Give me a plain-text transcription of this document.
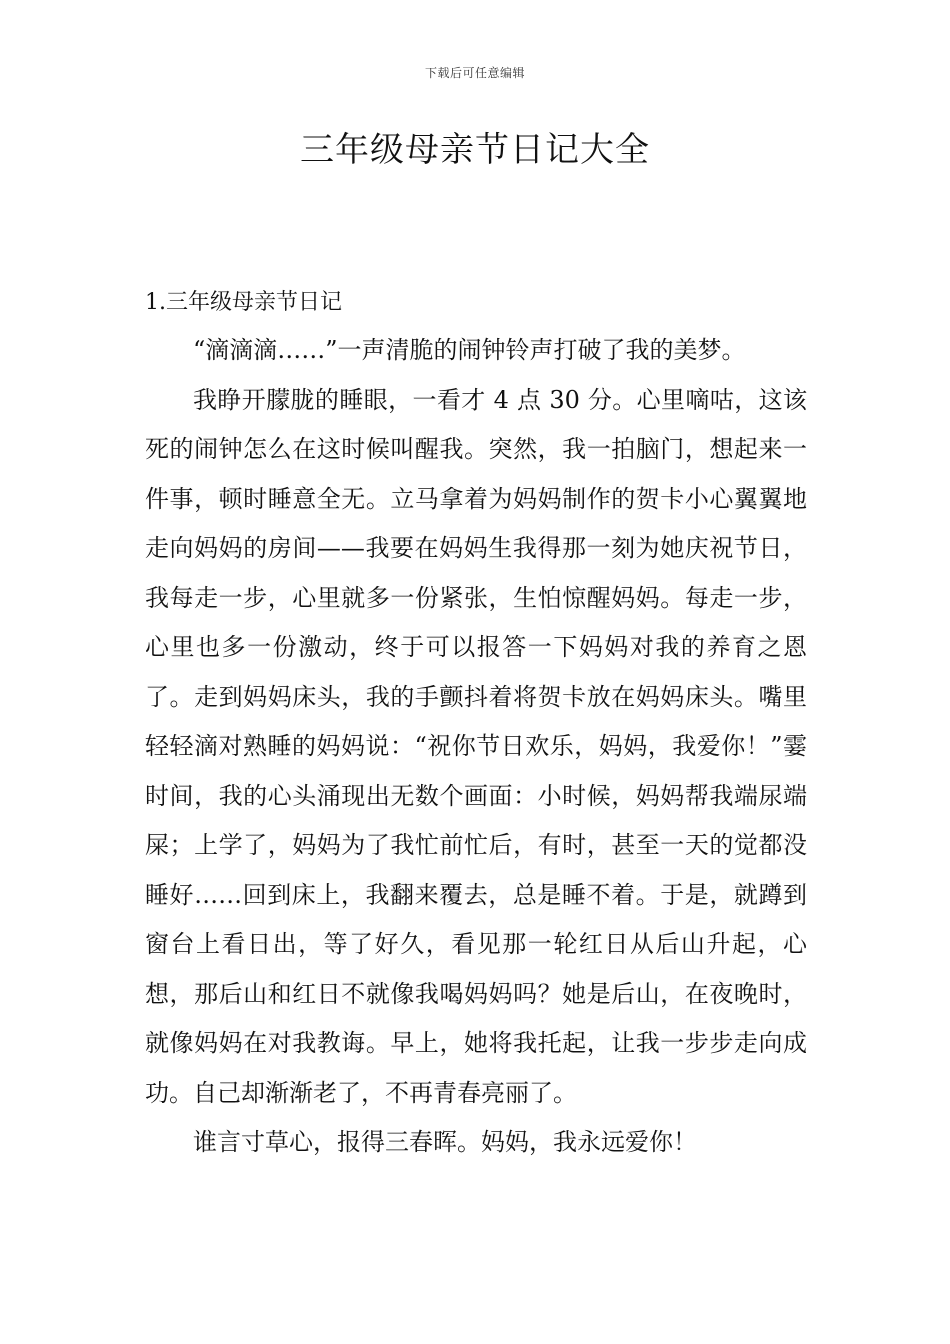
下载后可任意编辑
三年级母亲节日记大全
1.三年级母亲节日记

“滴滴滴……”一声清脆的闹钟铃声打破了我的美梦。

我睁开朦胧的睡眼，一看才 4 点 30 分。心里嘀咕，这该死的闹钟怎么在这时候叫醒我。突然，我一拍脑门，想起来一件事，顿时睡意全无。立马拿着为妈妈制作的贺卡小心翼翼地走向妈妈的房间——我要在妈妈生我得那一刻为她庆祝节日，我每走一步，心里就多一份紧张，生怕惊醒妈妈。每走一步，心里也多一份激动，终于可以报答一下妈妈对我的养育之恩了。走到妈妈床头，我的手颤抖着将贺卡放在妈妈床头。嘴里轻轻滴对熟睡的妈妈说：“祝你节日欢乐，妈妈，我爱你！”霎时间，我的心头涌现出无数个画面：小时候，妈妈帮我端尿端屎；上学了，妈妈为了我忙前忙后，有时，甚至一天的觉都没睡好……回到床上，我翻来覆去，总是睡不着。于是，就蹲到窗台上看日出，等了好久，看见那一轮红日从后山升起，心想，那后山和红日不就像我喝妈妈吗？她是后山，在夜晚时，就像妈妈在对我教诲。早上，她将我托起，让我一步步走向成功。自己却渐渐老了，不再青春亮丽了。

谁言寸草心，报得三春晖。妈妈，我永远爱你！
